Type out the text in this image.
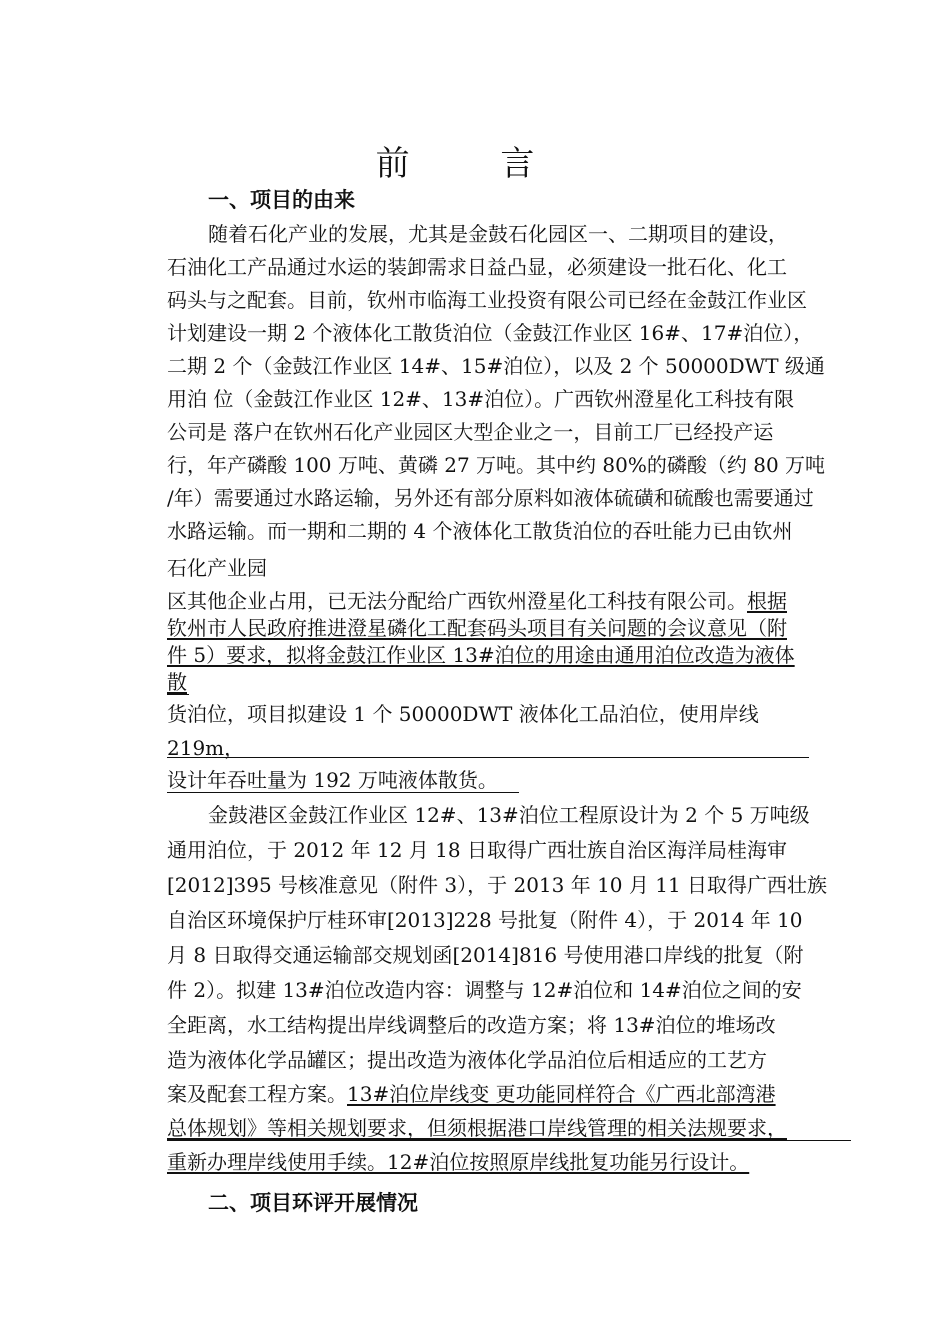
前 言
一、项目的由来
随着石化产业的发展，尤其是金鼓石化园区一、二期项目的建设，
石油化工产品通过水运的装卸需求日益凸显，必须建设一批石化、化工
码头与之配套。目前，钦州市临海工业投资有限公司已经在金鼓江作业区
计划建设一期 2 个液体化工散货泊位（金鼓江作业区 16#、17#泊位），
二期 2 个（金鼓江作业区 14#、15#泊位），以及 2 个 50000DWT 级通
用泊 位（金鼓江作业区 12#、13#泊位）。广西钦州澄星化工科技有限
公司是 落户在钦州石化产业园区大型企业之一，目前工厂已经投产运
行，年产磷酸 100 万吨、黄磷 27 万吨。其中约 80%的磷酸（约 80 万吨
/年）需要通过水路运输，另外还有部分原料如液体硫磺和硫酸也需要通过
水路运输。而一期和二期的 4 个液体化工散货泊位的吞吐能力已由钦州
石化产业园
区其他企业占用，已无法分配给广西钦州澄星化工科技有限公司。根据
钦州市人民政府推进澄星磷化工配套码头项目有关问题的会议意见（附
件 5）要求，拟将金鼓江作业区 13#泊位的用途由通用泊位改造为液体
散
货泊位，项目拟建设 1 个 50000DWT 液体化工品泊位，使用岸线
219m，
设计年吞吐量为 192 万吨液体散货。
金鼓港区金鼓江作业区 12#、13#泊位工程原设计为 2 个 5 万吨级
通用泊位，于 2012 年 12 月 18 日取得广西壮族自治区海洋局桂海审
[2012]395 号核准意见（附件 3），于 2013 年 10 月 11 日取得广西壮族
自治区环境保护厅桂环审[2013]228 号批复（附件 4），于 2014 年 10
月 8 日取得交通运输部交规划函[2014]816 号使用港口岸线的批复（附
件 2）。拟建 13#泊位改造内容：调整与 12#泊位和 14#泊位之间的安
全距离，水工结构提出岸线调整后的改造方案；将 13#泊位的堆场改
造为液体化学品罐区；提出改造为液体化学品泊位后相适应的工艺方
案及配套工程方案。13#泊位岸线变 更功能同样符合《广西北部湾港
总体规划》等相关规划要求，但须根据港口岸线管理的相关法规要求，
重新办理岸线使用手续。12#泊位按照原岸线批复功能另行设计。
二、项目环评开展情况
